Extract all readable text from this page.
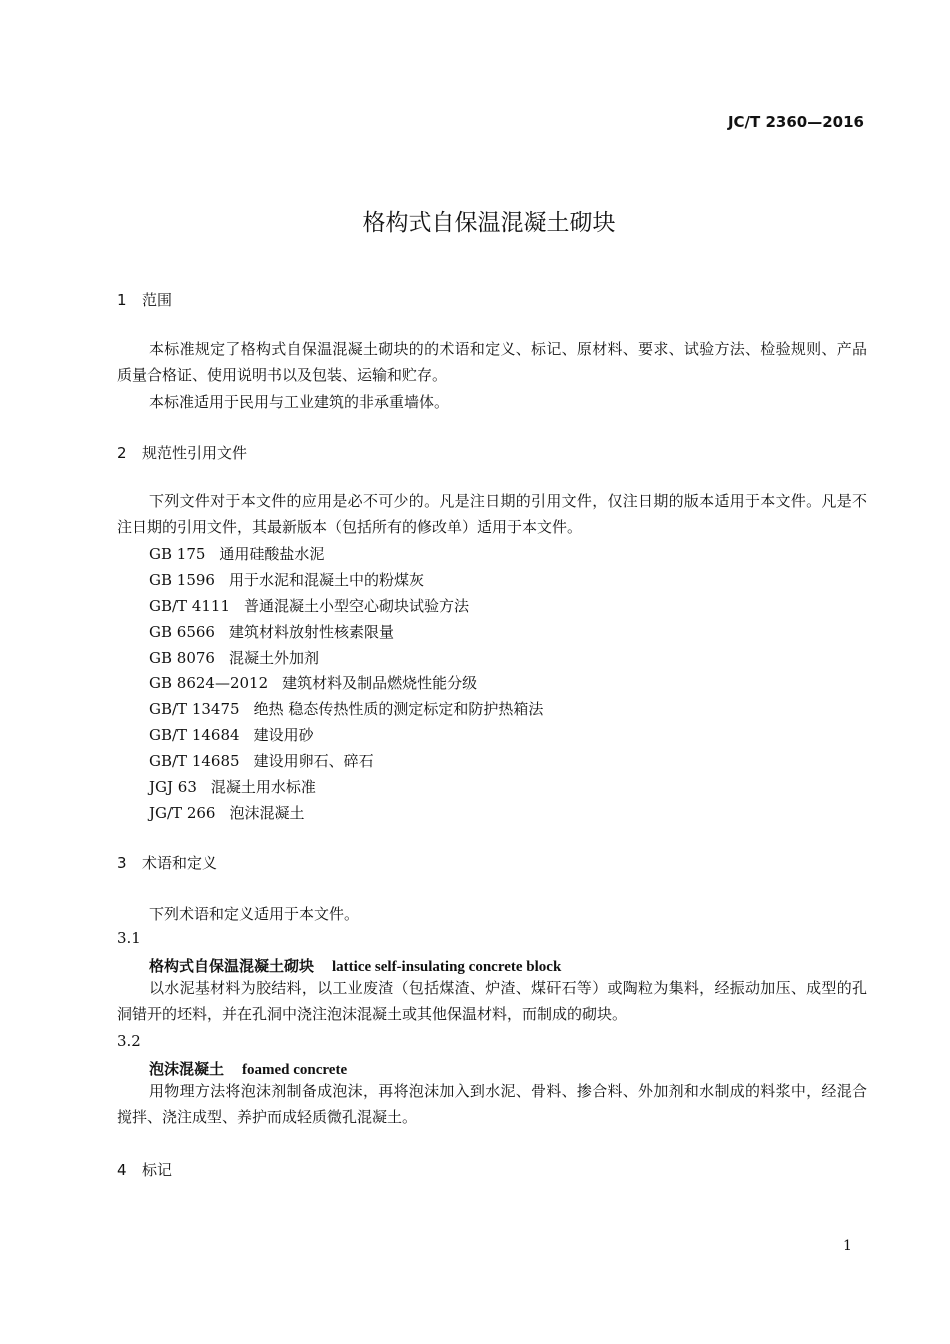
JC/T 2360—2016
格构式自保温混凝土砌块
1 范围
本标准规定了格构式自保温混凝土砌块的的术语和定义、标记、原材料、要求、试验方法、检验规则、产品质量合格证、使用说明书以及包装、运输和贮存。
本标准适用于民用与工业建筑的非承重墙体。
2 规范性引用文件
下列文件对于本文件的应用是必不可少的。凡是注日期的引用文件，仅注日期的版本适用于本文件。凡是不注日期的引用文件，其最新版本（包括所有的修改单）适用于本文件。
GB 175 通用硅酸盐水泥
GB 1596 用于水泥和混凝土中的粉煤灰
GB/T 4111 普通混凝土小型空心砌块试验方法
GB 6566 建筑材料放射性核素限量
GB 8076 混凝土外加剂
GB 8624—2012 建筑材料及制品燃烧性能分级
GB/T 13475 绝热 稳态传热性质的测定标定和防护热箱法
GB/T 14684 建设用砂
GB/T 14685 建设用卵石、碎石
JGJ 63 混凝土用水标准
JG/T 266 泡沫混凝土
3 术语和定义
下列术语和定义适用于本文件。
3.1
格构式自保温混凝土砌块 lattice self-insulating concrete block
以水泥基材料为胶结料，以工业废渣（包括煤渣、炉渣、煤矸石等）或陶粒为集料，经振动加压、成型的孔洞错开的坯料，并在孔洞中浇注泡沫混凝土或其他保温材料，而制成的砌块。
3.2
泡沫混凝土 foamed concrete
用物理方法将泡沫剂制备成泡沫，再将泡沫加入到水泥、骨料、掺合料、外加剂和水制成的料浆中，经混合搅拌、浇注成型、养护而成轻质微孔混凝土。
4 标记
1
